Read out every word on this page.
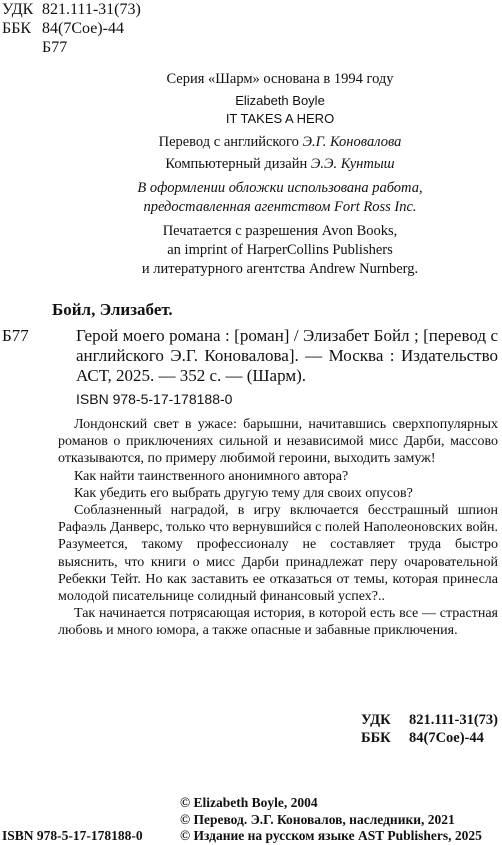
УДК 821.111-31(73)
ББК 84(7Сое)-44
Б77
Серия «Шарм» основана в 1994 году
Elizabeth Boyle
IT TAKES A HERO
Перевод с английского Э.Г. Коновалова
Компьютерный дизайн Э.Э. Кунтыш
В оформлении обложки использована работа,
предоставленная агентством Fort Ross Inc.
Печатается с разрешения Avon Books,
an imprint of HarperCollins Publishers
и литературного агентства Andrew Nurnberg.
Бойл, Элизабет.
Б77	Герой моего романа : [роман] / Элизабет Бойл ; [перевод с английского Э.Г. Коновалова]. — Москва : Издательство АСТ, 2025. — 352 с. — (Шарм).
ISBN 978-5-17-178188-0

Лондонский свет в ужасе: барышни, начитавшись сверхпопулярных романов о приключениях сильной и независимой мисс Дарби, массово отказываются, по примеру любимой героини, выходить замуж!

Как найти таинственного анонимного автора?

Как убедить его выбрать другую тему для своих опусов?

Соблазненный наградой, в игру включается бесстрашный шпион Рафаэль Данверс, только что вернувшийся с полей Наполеоновских войн. Разумеется, такому профессионалу не составляет труда быстро выяснить, что книги о мисс Дарби принадлежат перу очаровательной Ребекки Тейт. Но как заставить ее отказаться от темы, которая принесла молодой писательнице солидный финансовый успех?..

Так начинается потрясающая история, в которой есть все — страстная любовь и много юмора, а также опасные и забавные приключения.

УДК	821.111-31(73)
ББК	84(7Сое)-44
© Elizabeth Boyle, 2004
© Перевод. Э.Г. Коновалов, наследники, 2021
© Издание на русском языке AST Publishers, 2025
ISBN 978-5-17-178188-0
